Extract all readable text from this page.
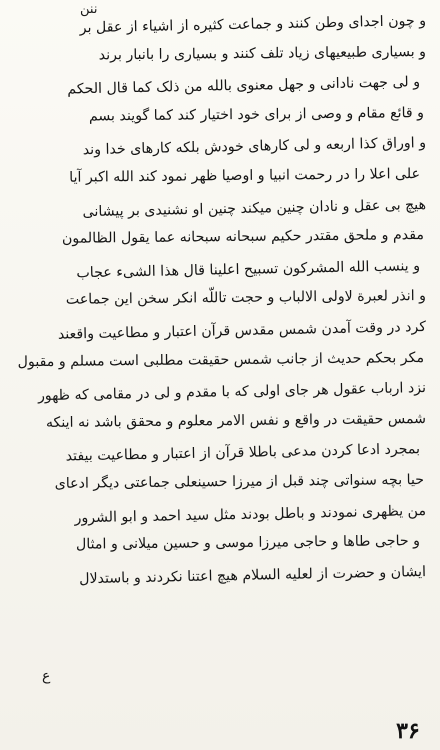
ننن
ع
و چون اجدای وطن کنند و جماعت کثیره از اشیاء از عقل بر
و بسیاری طبیعیهای زیاد تلف کنند و بسیاری را بانبار برند
و لی جهت نادانی و جهل معنوی بالله من ذلک کما قال الحکم
و قائع مقام و وصی از برای خود اختیار کند کما گویند بسم
و اوراق کذا اربعه و لی کارهای خودش بلکه کارهای خدا وند
علی اعلا را در رحمت انبیا و اوصیا ظهر نمود کند الله اکبر آیا
هیچ بی عقل و نادان چنین میکند چنین او نشنیدی بر پیشانی
مقدم و ملحق مقتدر حکیم سبحانه سبحانه عما یقول الظالمون
و ینسب الله المشرکون تسبیح اعلینا قال هذا الشیء عجاب
و انذر لعبرة لاولی الالباب و حجت تاللّه انکر سخن این جماعت
کرد در وقت آمدن شمس مقدس قرآن اعتبار و مطاعیت واقعند
مکر بحکم حدیث از جانب شمس حقیقت مطلبی است مسلم و مقبول
نزد ارباب عقول هر جای اولی که با مقدم و لی در مقامی که ظهور
شمس حقیقت در واقع و نفس الامر معلوم و محقق باشد نه اینکه
بمجرد ادعا کردن مدعی باطلا قرآن از اعتبار و مطاعیت بیفتد
حیا بچه سنواتی چند قبل از میرزا حسینعلی جماعتی دیگر ادعای
من یظهری نمودند و باطل بودند مثل سید احمد و ابو الشرور
و حاجی طاها و حاجی میرزا موسی و حسین میلانی و امثال
ایشان و حضرت از لعلیه السلام هیچ اعتنا نکردند و باستدلال
۳۶
